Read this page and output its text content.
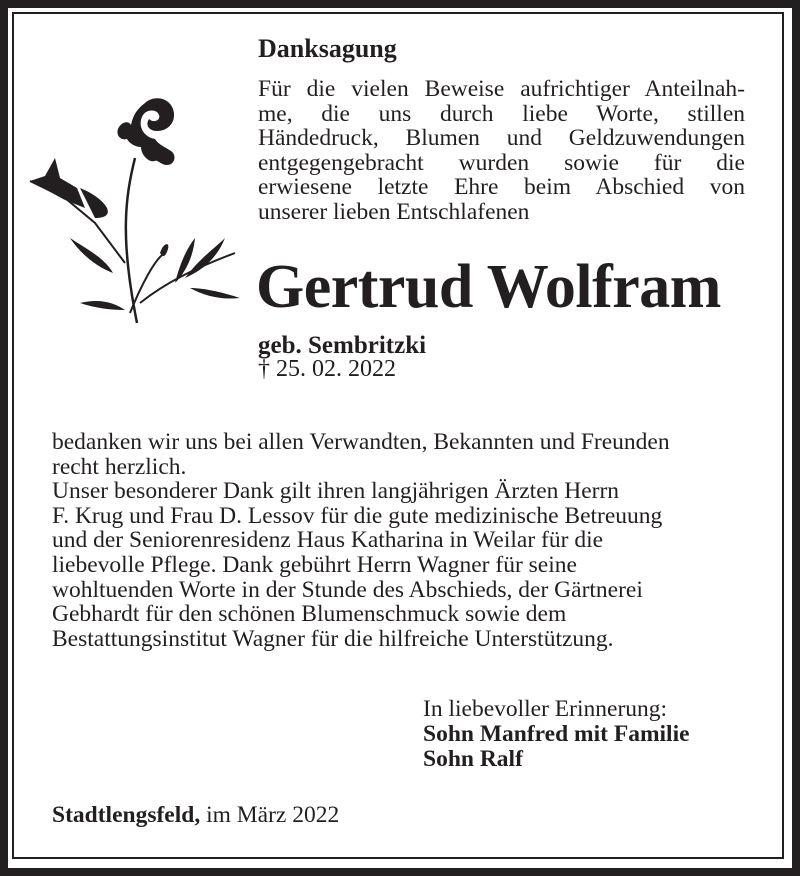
Danksagung
Für die vielen Beweise aufrichtiger Anteilnah-
me, die uns durch liebe Worte, stillen
Händedruck, Blumen und Geldzuwendungen
entgegengebracht wurden sowie für die
erwiesene letzte Ehre beim Abschied von
unserer lieben Entschlafenen
Gertrud Wolfram
geb. Sembritzki
† 25. 02. 2022
bedanken wir uns bei allen Verwandten, Bekannten und Freunden
recht herzlich.
Unser besonderer Dank gilt ihren langjährigen Ärzten Herrn
F. Krug und Frau D. Lessov für die gute medizinische Betreuung
und der Seniorenresidenz Haus Katharina in Weilar für die
liebevolle Pflege. Dank gebührt Herrn Wagner für seine
wohltuenden Worte in der Stunde des Abschieds, der Gärtnerei
Gebhardt für den schönen Blumenschmuck sowie dem
Bestattungsinstitut Wagner für die hilfreiche Unterstützung.
In liebevoller Erinnerung:
Sohn Manfred mit Familie
Sohn Ralf
Stadtlengsfeld, im März 2022
